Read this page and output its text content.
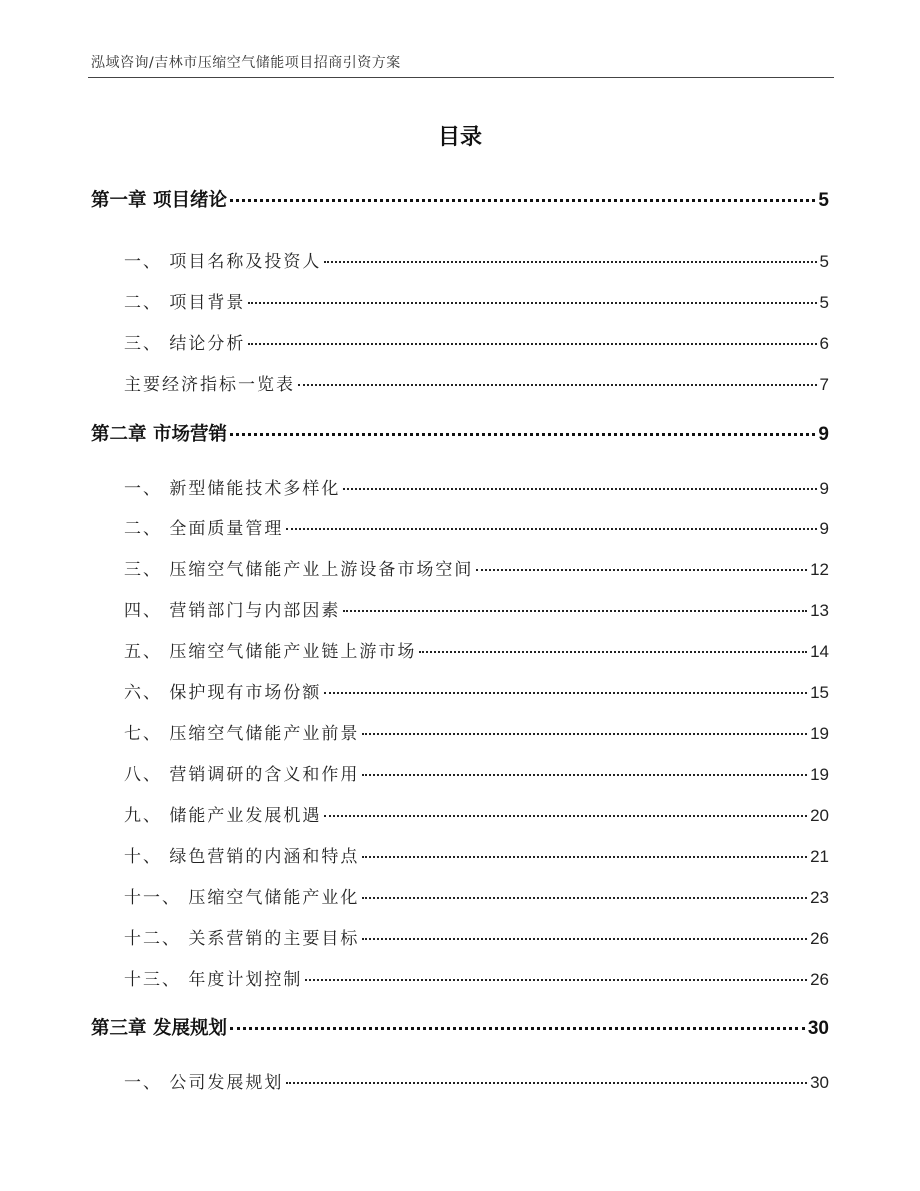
泓域咨询/吉林市压缩空气储能项目招商引资方案
目录
第一章 项目绪论	5
一、 项目名称及投资人	5
二、 项目背景	5
三、 结论分析	6
主要经济指标一览表	7
第二章 市场营销	9
一、 新型储能技术多样化	9
二、 全面质量管理	9
三、 压缩空气储能产业上游设备市场空间	12
四、 营销部门与内部因素	13
五、 压缩空气储能产业链上游市场	14
六、 保护现有市场份额	15
七、 压缩空气储能产业前景	19
八、 营销调研的含义和作用	19
九、 储能产业发展机遇	20
十、 绿色营销的内涵和特点	21
十一、 压缩空气储能产业化	23
十二、 关系营销的主要目标	26
十三、 年度计划控制	26
第三章 发展规划	30
一、 公司发展规划	30
